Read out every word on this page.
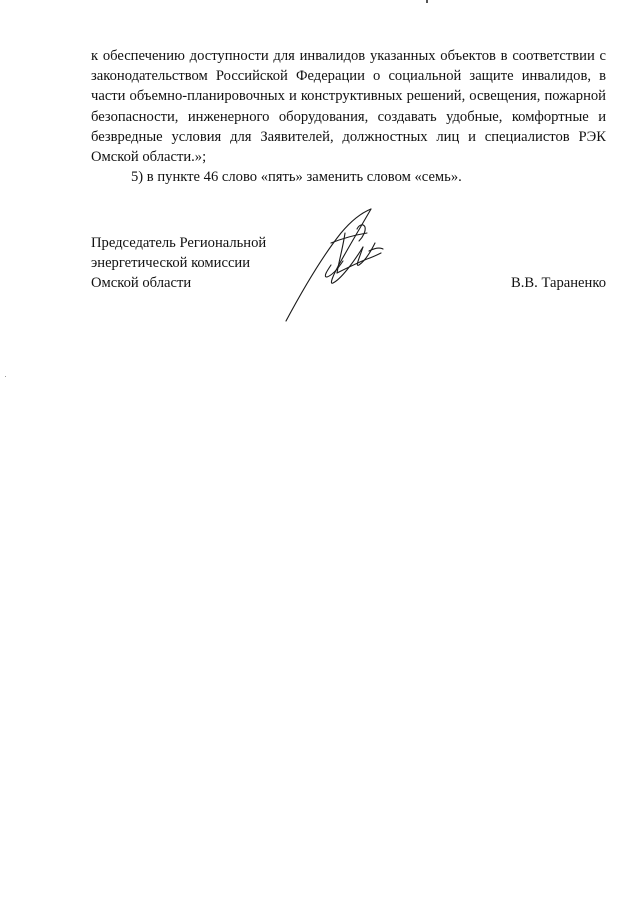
к обеспечению доступности для инвалидов указанных объектов в соответствии с законодательством Российской Федерации о социальной защите инвалидов, в части объемно-планировочных и конструктивных решений, освещения, пожарной безопасности, инженерного оборудования, создавать удобные, комфортные и безвредные условия для Заявителей, должностных лиц и специалистов РЭК Омской области.»;

5) в пункте 46 слово «пять» заменить словом «семь».

Председатель Региональной
энергетической комиссии
Омской области	В.В. Тараненко
